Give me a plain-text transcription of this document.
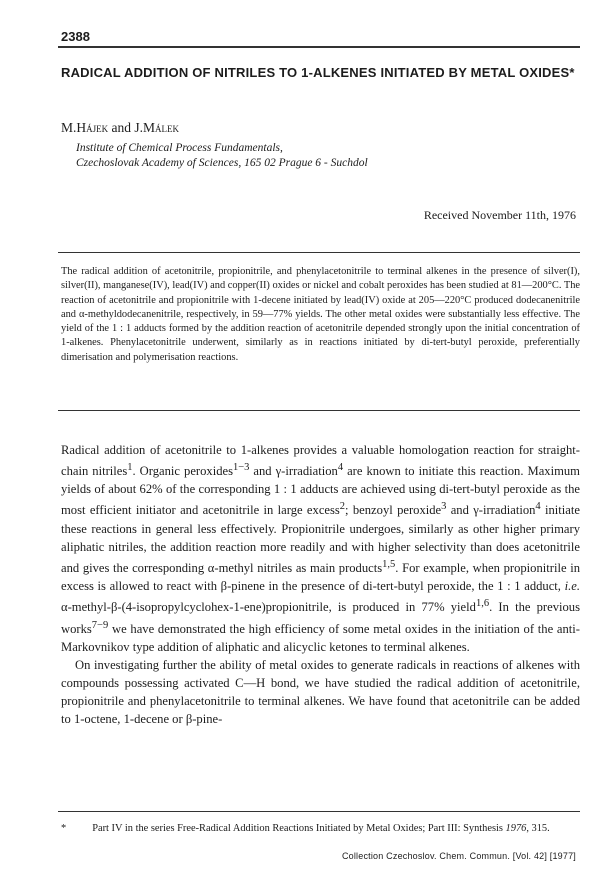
2388
RADICAL ADDITION OF NITRILES TO 1-ALKENES INITIATED BY METAL OXIDES*
M.Hájek and J.Málek
Institute of Chemical Process Fundamentals,
Czechoslovak Academy of Sciences, 165 02 Prague 6 - Suchdol
Received November 11th, 1976
The radical addition of acetonitrile, propionitrile, and phenylacetonitrile to terminal alkenes in the presence of silver(I), silver(II), manganese(IV), lead(IV) and copper(II) oxides or nickel and cobalt peroxides has been studied at 81—200°C. The reaction of acetonitrile and propionitrile with 1-decene initiated by lead(IV) oxide at 205—220°C produced dodecanenitrile and α-methyldodecanenitrile, respectively, in 59—77% yields. The other metal oxides were substantially less effective. The yield of the 1 : 1 adducts formed by the addition reaction of acetonitrile depended strongly upon the initial concentration of 1-alkenes. Phenylacetonitrile underwent, similarly as in reactions initiated by di-tert-butyl peroxide, preferentially dimerisation and polymerisation reactions.

Radical addition of acetonitrile to 1-alkenes provides a valuable homologation reaction for straight-chain nitriles$^1$. Organic peroxides$^{1-3}$ and γ-irradiation$^4$ are known to initiate this reaction. Maximum yields of about 62% of the corresponding 1 : 1 adducts are achieved using di-tert-butyl peroxide as the most efficient initiator and acetonitrile in large excess$^2$; benzoyl peroxide$^3$ and γ-irradiation$^4$ initiate these reactions in general less effectively. Propionitrile undergoes, similarly as other higher primary aliphatic nitriles, the addition reaction more readily and with higher selectivity than does acetonitrile and gives the corresponding α-methyl nitriles as main products$^{1,5}$. For example, when propionitrile in excess is allowed to react with β-pinene in the presence of di-tert-butyl peroxide, the 1 : 1 adduct, i.e. α-methyl-β-(4-isopropylcyclohex-1-ene)propionitrile, is produced in 77% yield$^{1,6}$. In the previous works$^{7-9}$ we have demonstrated the high efficiency of some metal oxides in the initiation of the anti-Markovnikov type addition of aliphatic and alicyclic ketones to terminal alkenes.

On investigating further the ability of metal oxides to generate radicals in reactions of alkenes with compounds possessing activated C—H bond, we have studied the radical addition of acetonitrile, propionitrile and phenylacetonitrile to terminal alkenes. We have found that acetonitrile can be added to 1-octene, 1-decene or β-pine-

*	Part IV in the series Free-Radical Addition Reactions Initiated by Metal Oxides; Part III: Synthesis 1976, 315.
Collection Czechoslov. Chem. Commun. [Vol. 42] [1977]
